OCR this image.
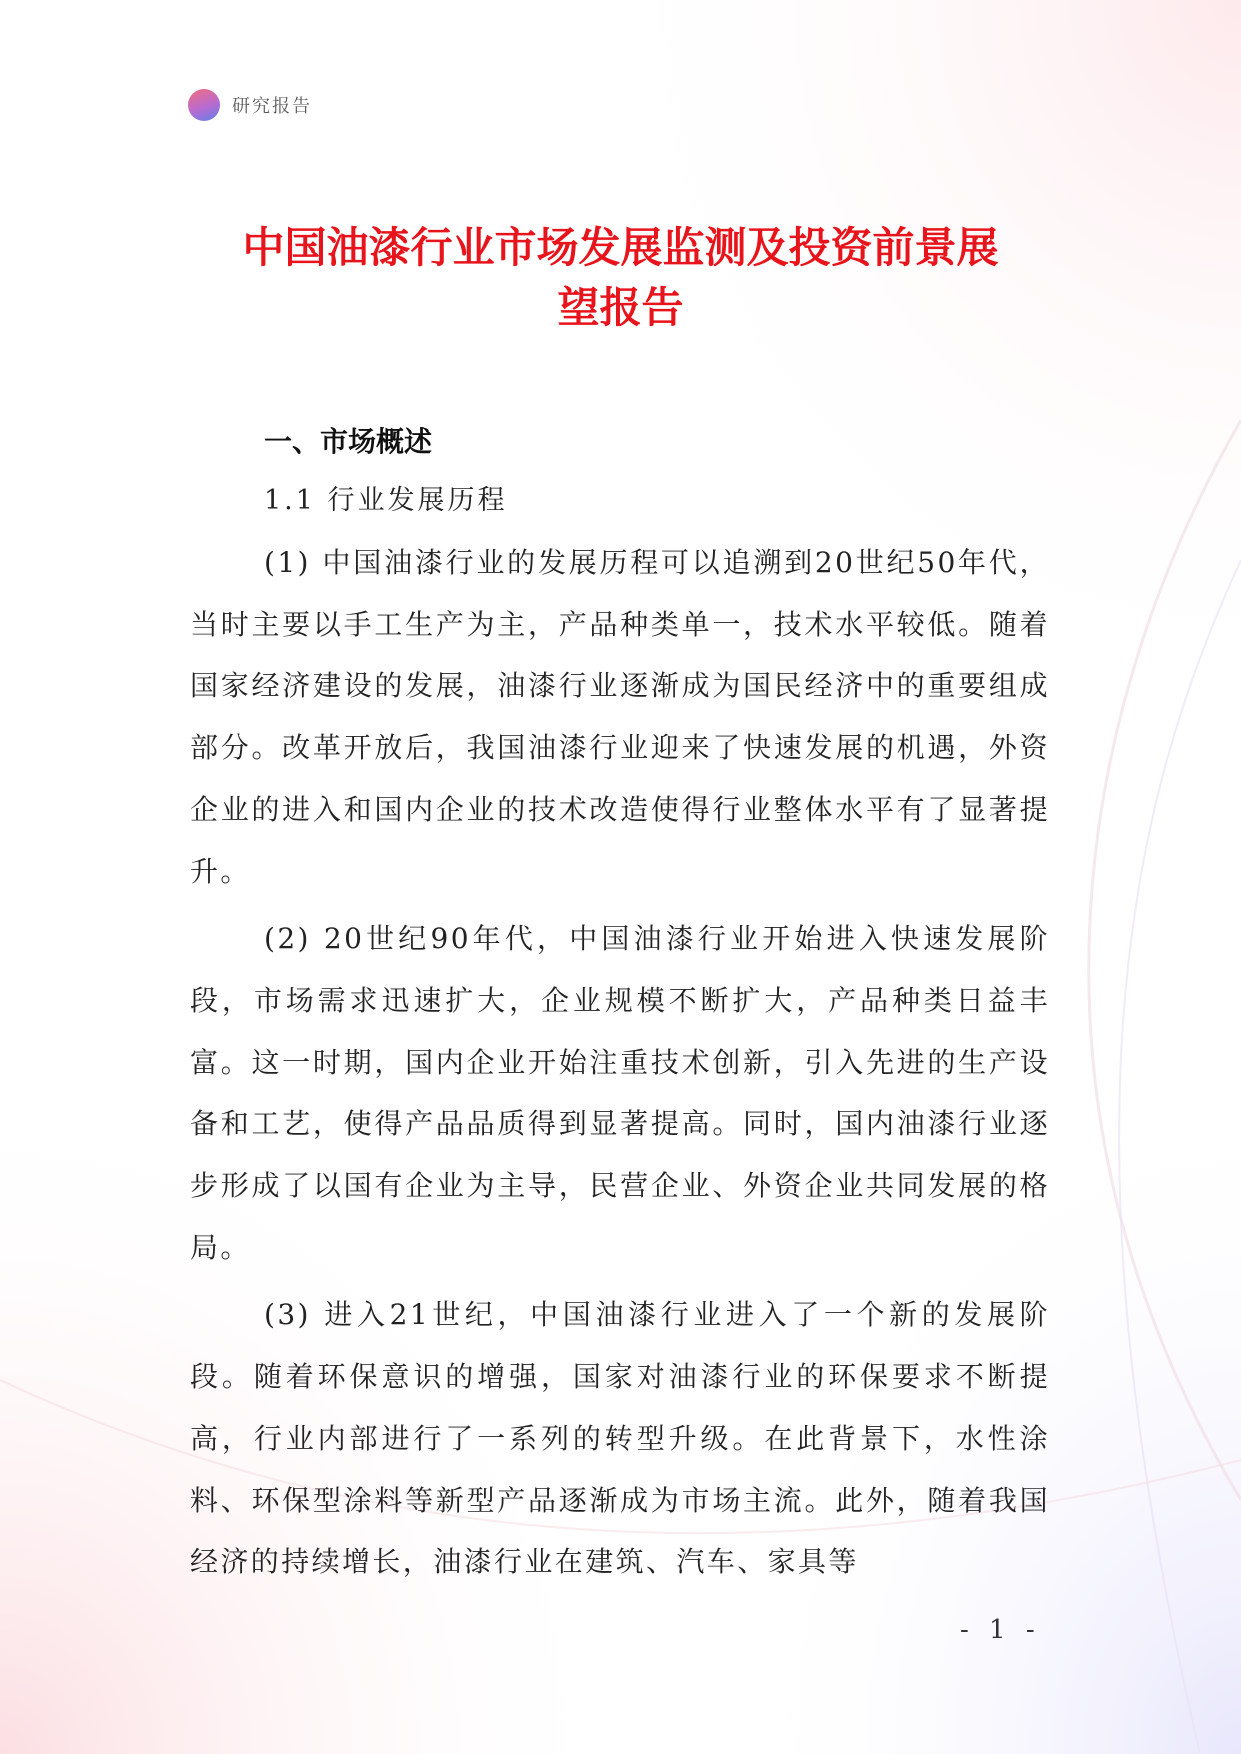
研究报告
中国油漆行业市场发展监测及投资前景展
望报告
一、市场概述
1.1 行业发展历程

(1) 中国油漆行业的发展历程可以追溯到20世纪50年代，当时主要以手工生产为主，产品种类单一，技术水平较低。随着国家经济建设的发展，油漆行业逐渐成为国民经济中的重要组成部分。改革开放后，我国油漆行业迎来了快速发展的机遇，外资企业的进入和国内企业的技术改造使得行业整体水平有了显著提升。

(2) 20世纪90年代，中国油漆行业开始进入快速发展阶段，市场需求迅速扩大，企业规模不断扩大，产品种类日益丰富。这一时期，国内企业开始注重技术创新，引入先进的生产设备和工艺，使得产品品质得到显著提高。同时，国内油漆行业逐步形成了以国有企业为主导，民营企业、外资企业共同发展的格局。

(3) 进入21世纪，中国油漆行业进入了一个新的发展阶段。随着环保意识的增强，国家对油漆行业的环保要求不断提高，行业内部进行了一系列的转型升级。在此背景下，水性涂料、环保型涂料等新型产品逐渐成为市场主流。此外，随着我国经济的持续增长，油漆行业在建筑、汽车、家具等

- 1 -
